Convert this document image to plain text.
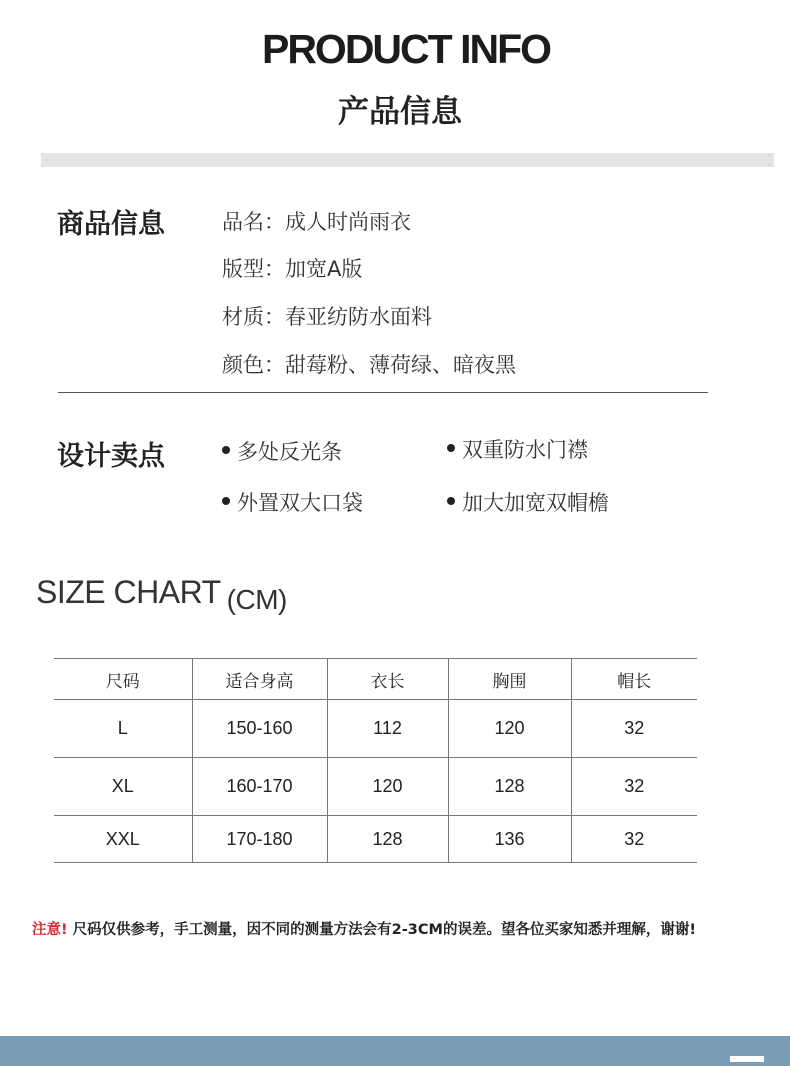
PRODUCT INFO
产品信息
商品信息	品名：成人时尚雨衣
版型：加宽A版
材质：春亚纺防水面料
颜色：甜莓粉、薄荷绿、暗夜黑
设计卖点	多处反光条	双重防水门襟
外置双大口袋	加大加宽双帽檐
SIZE CHART (CM)
尺码	适合身高	衣长	胸围	帽长
L	150-160	112	120	32
XL	160-170	120	128	32
XXL	170-180	128	136	32
注意! 尺码仅供参考，手工测量，因不同的测量方法会有2-3CM的误差。望各位买家知悉并理解，谢谢!
